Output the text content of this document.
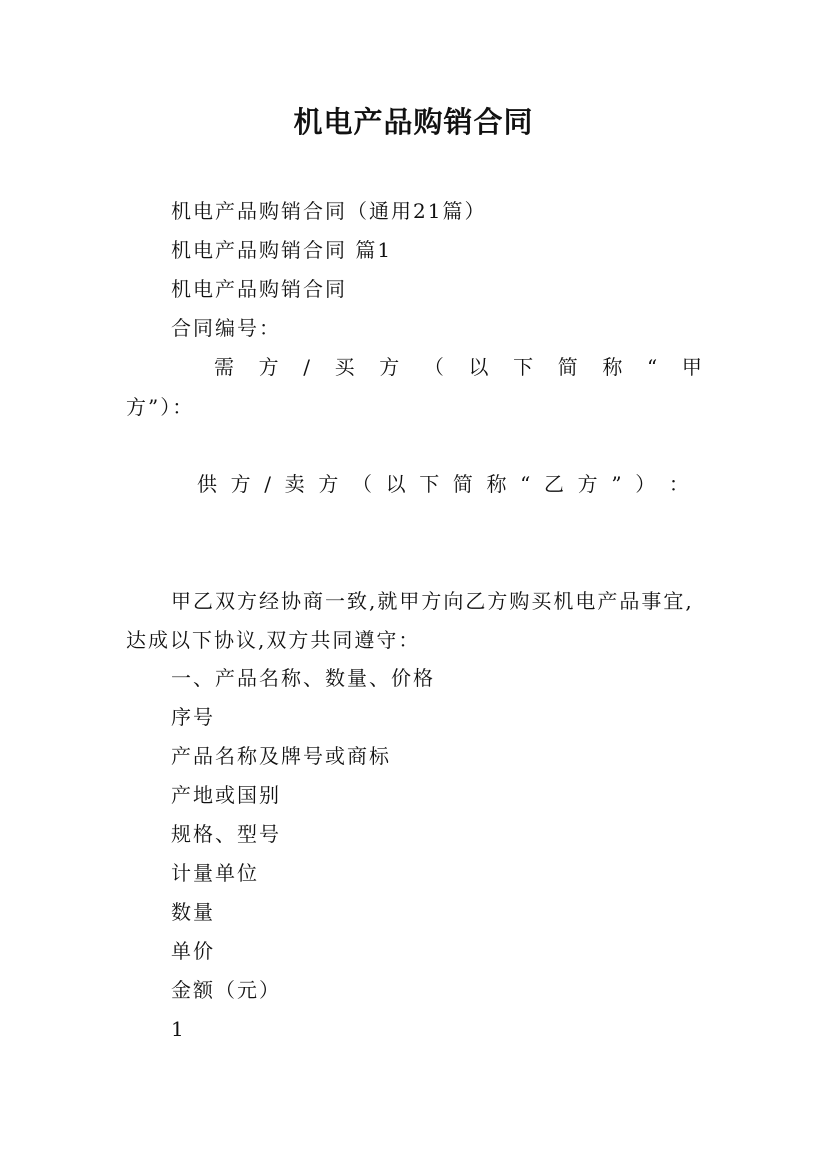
机电产品购销合同
机电产品购销合同（通用21篇）
机电产品购销合同 篇1
机电产品购销合同
合同编号：
需 方 / 买 方 （ 以 下 简 称 “ 甲
方”）：
供 方 / 卖 方 （ 以 下 简 称 “ 乙 方 ” ） ：
甲乙双方经协商一致,就甲方向乙方购买机电产品事宜,
达成以下协议,双方共同遵守：
一、产品名称、数量、价格
序号
产品名称及牌号或商标
产地或国别
规格、型号
计量单位
数量
单价
金额（元）
1
